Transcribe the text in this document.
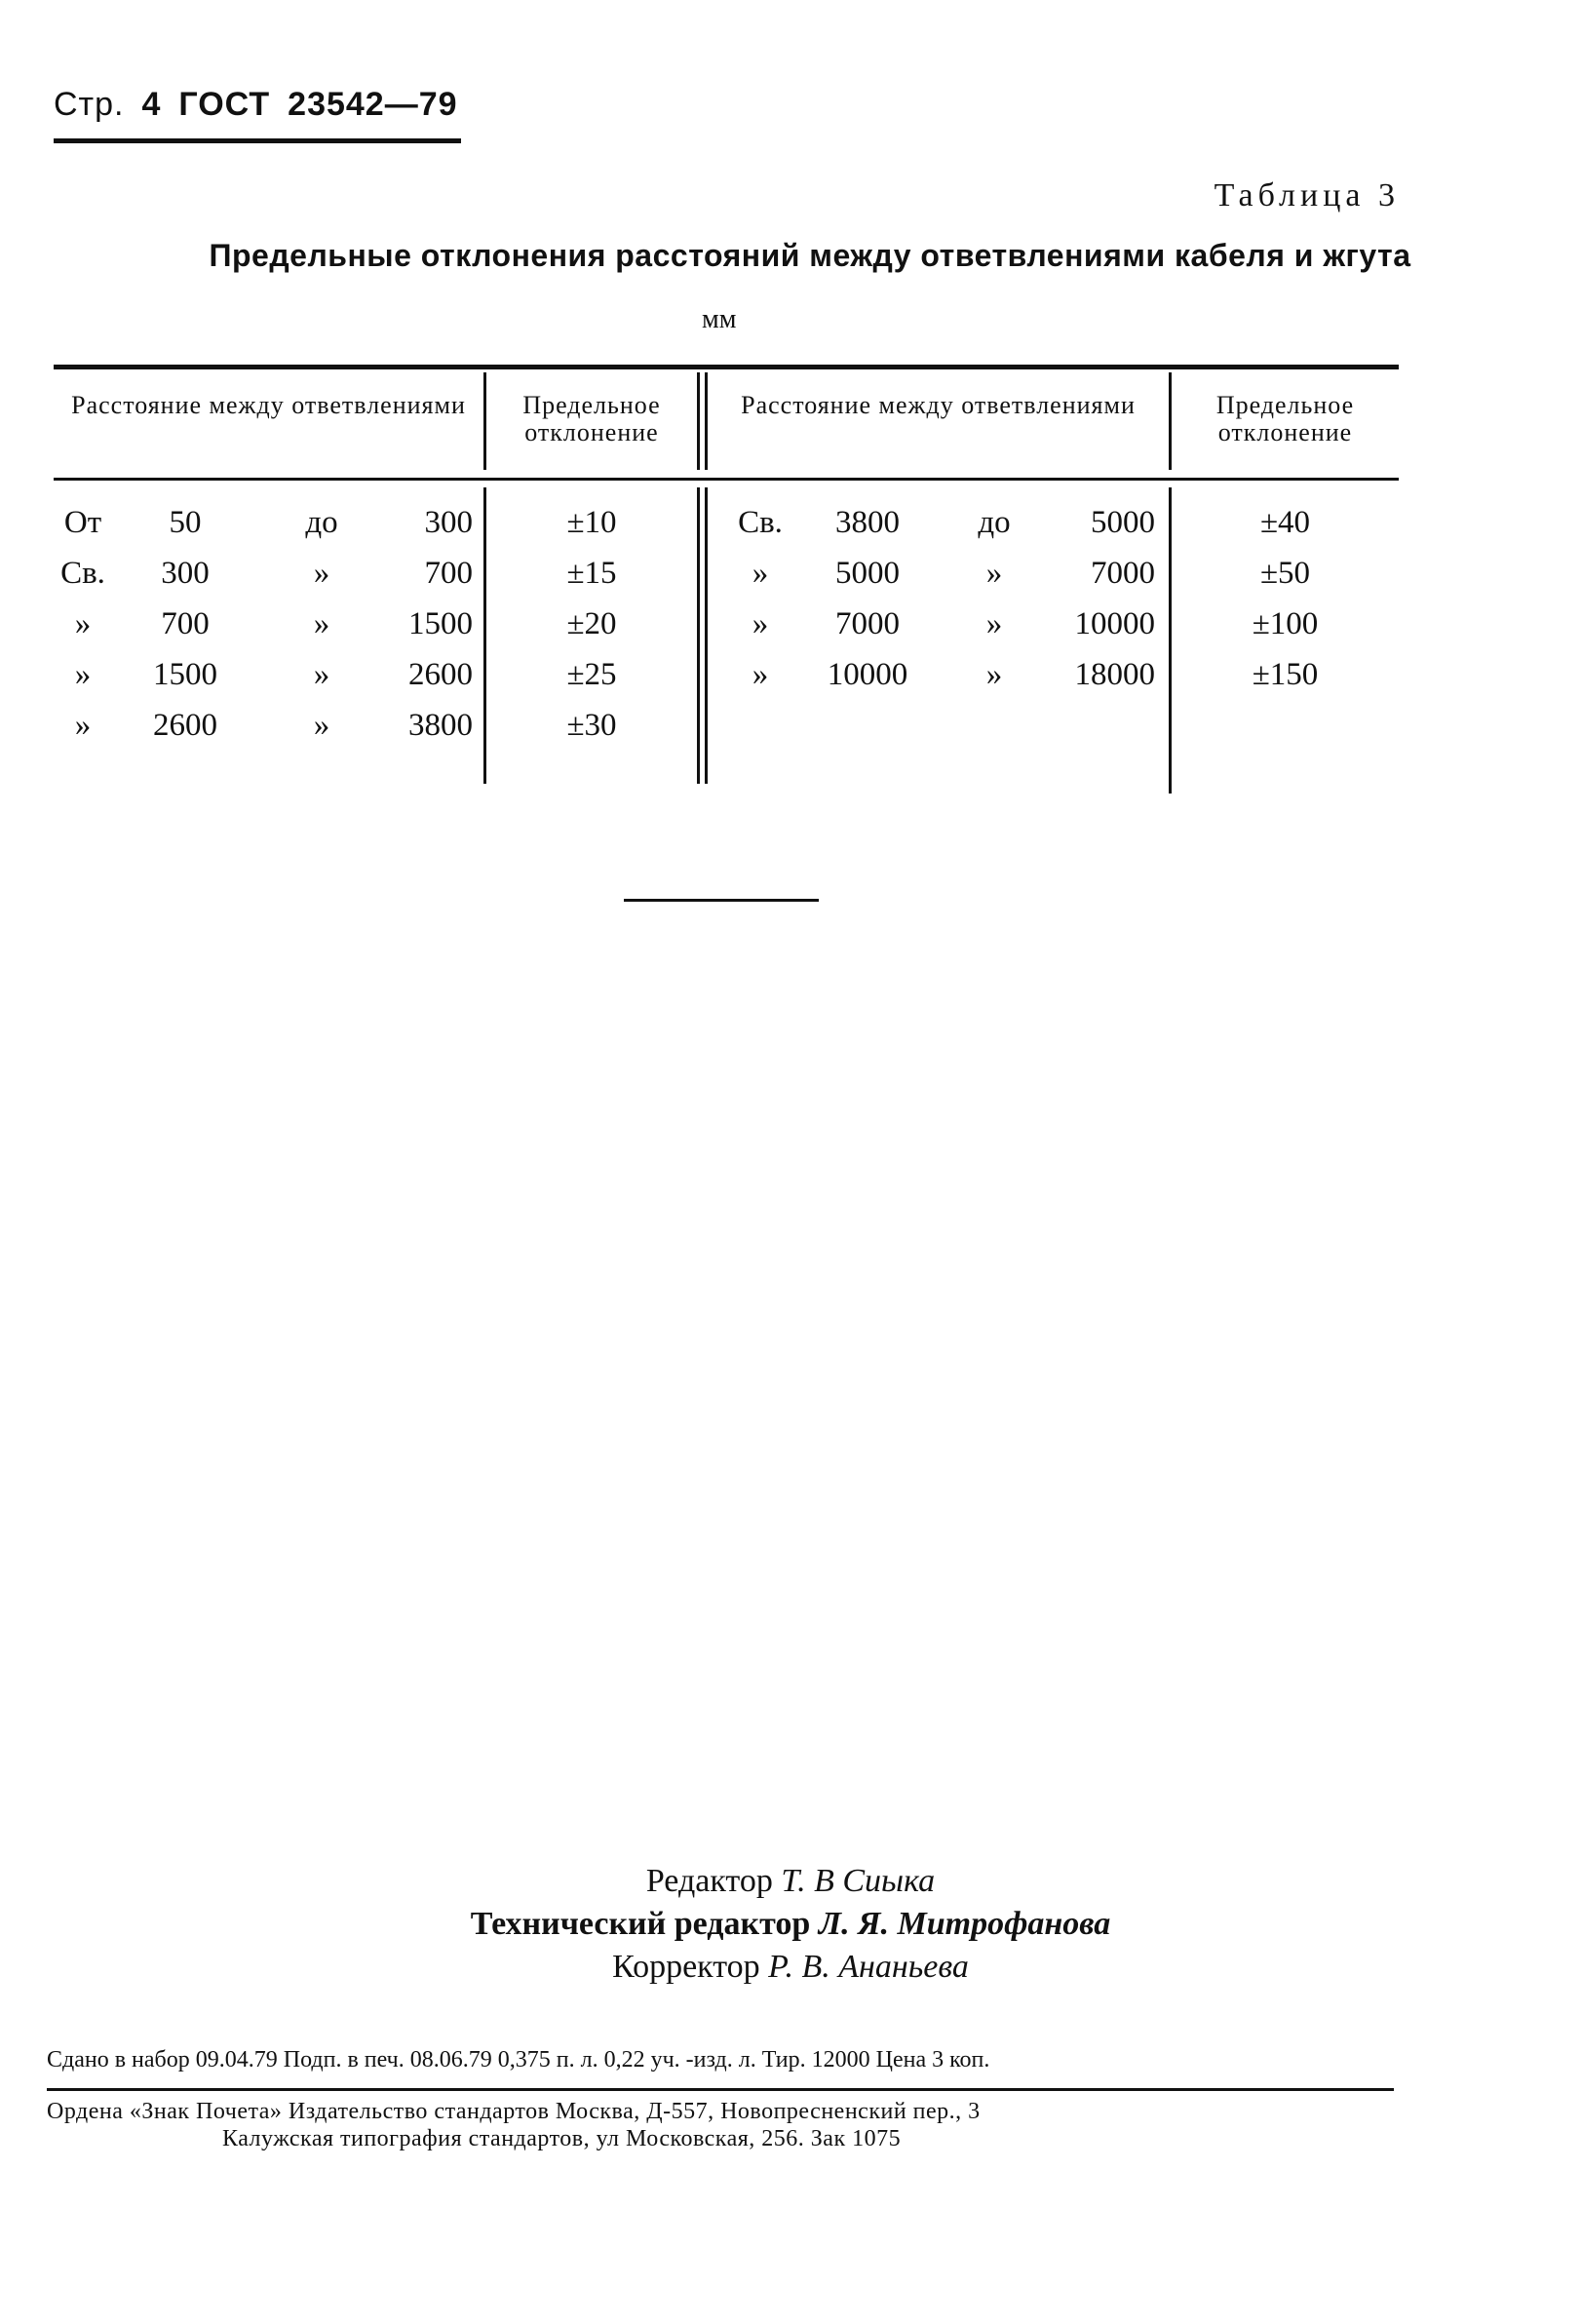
Стр. 4 ГОСТ 23542—79
Таблица 3
Предельные отклонения расстояний между ответвлениями кабеля и жгута
мм
Расстояние между ответвлениями	Предельное отклонение
Расстояние между ответвлениями	Предельное отклонение
От	50	до	300	±10
Св.	300	»	700	±15
»	700	»	1500	±20
»	1500	»	2600	±25
»	2600	»	3800	±30
Св.	3800	до	5000	±40
»	5000	»	7000	±50
»	7000	»	10000	±100
»	10000	»	18000	±150
Редактор Т. В Сиыка
Технический редактор Л. Я. Митрофанова
Корректор Р. В. Ананьева
Сдано в набор 09.04.79 Подп. в печ. 08.06.79 0,375 п. л. 0,22 уч. -изд. л. Тир. 12000 Цена 3 коп.
Ордена «Знак Почета» Издательство стандартов Москва, Д-557, Новопресненский пер., 3
Калужская типография стандартов, ул Московская, 256. Зак 1075
